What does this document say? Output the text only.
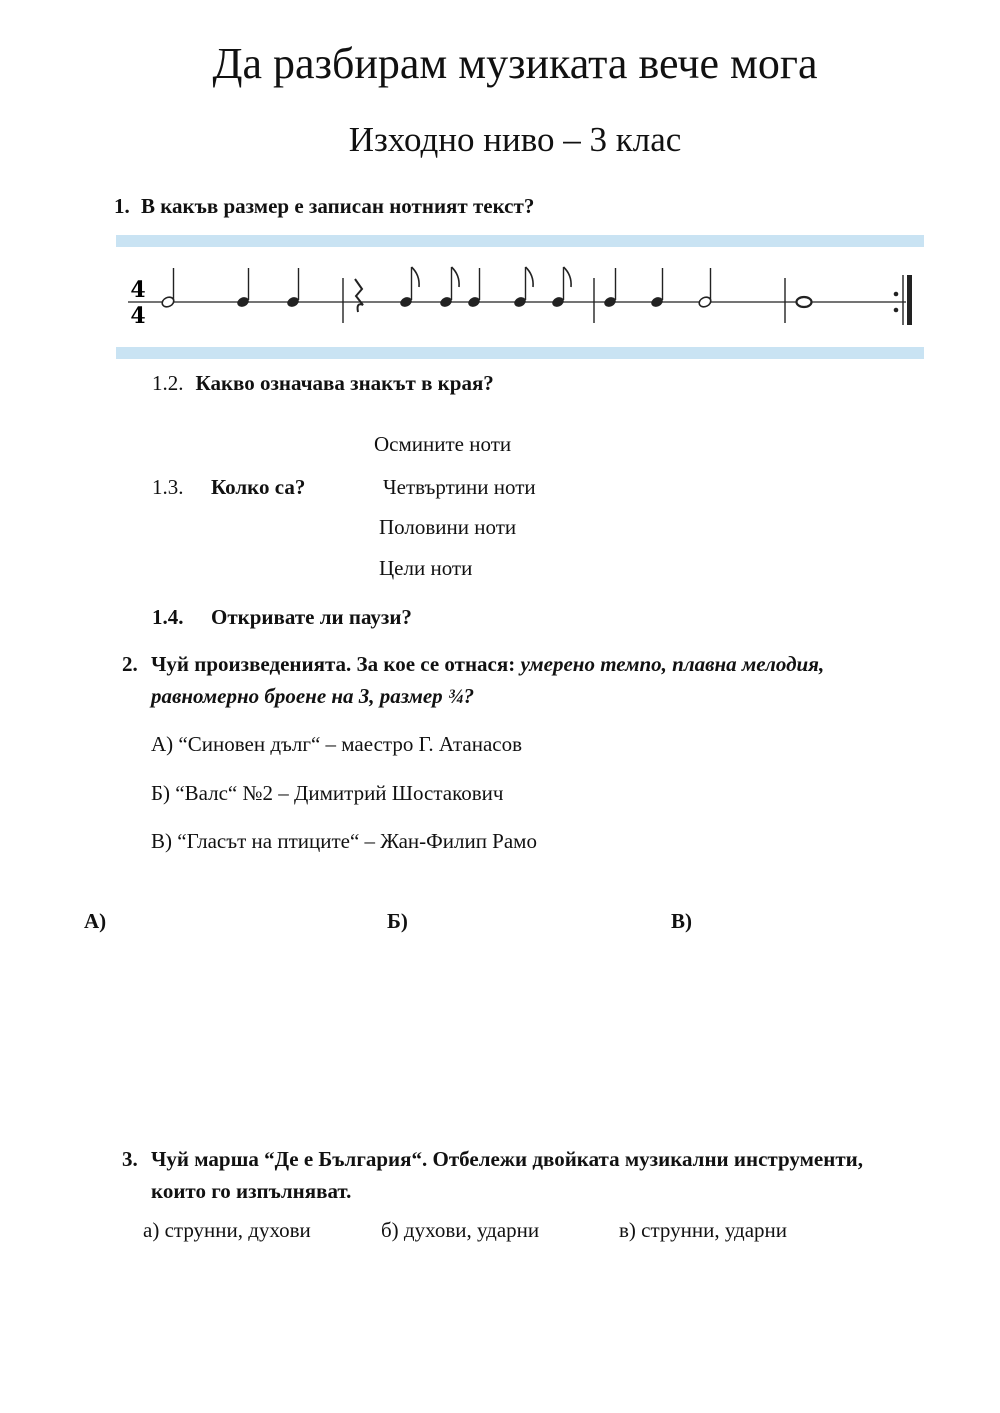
Да разбирам музиката вече мога
Изходно ниво – 3 клас
1. В какъв размер е записан нотният текст?
4
4
1.2. Какво означава знакът в края?
Осмините ноти
1.3. Колко са?	Четвъртини ноти
Половини ноти
Цели ноти
1.4. Откривате ли паузи?
2. Чуй произведенията. За кое се отнася: умерено темпо, плавна мелодия,
равномерно броене на 3, размер ¾?
А) “Синовен дълг“ – маестро Г. Атанасов
Б) “Валс“ №2 – Димитрий Шостакович
В) “Гласът на птиците“ – Жан-Филип Рамо
А)	Б)	В)
3. Чуй марша “Де е България“. Отбележи двойката музикални инструменти,
които го изпълняват.
а) струнни, духови	б) духови, ударни	в) струнни, ударни
